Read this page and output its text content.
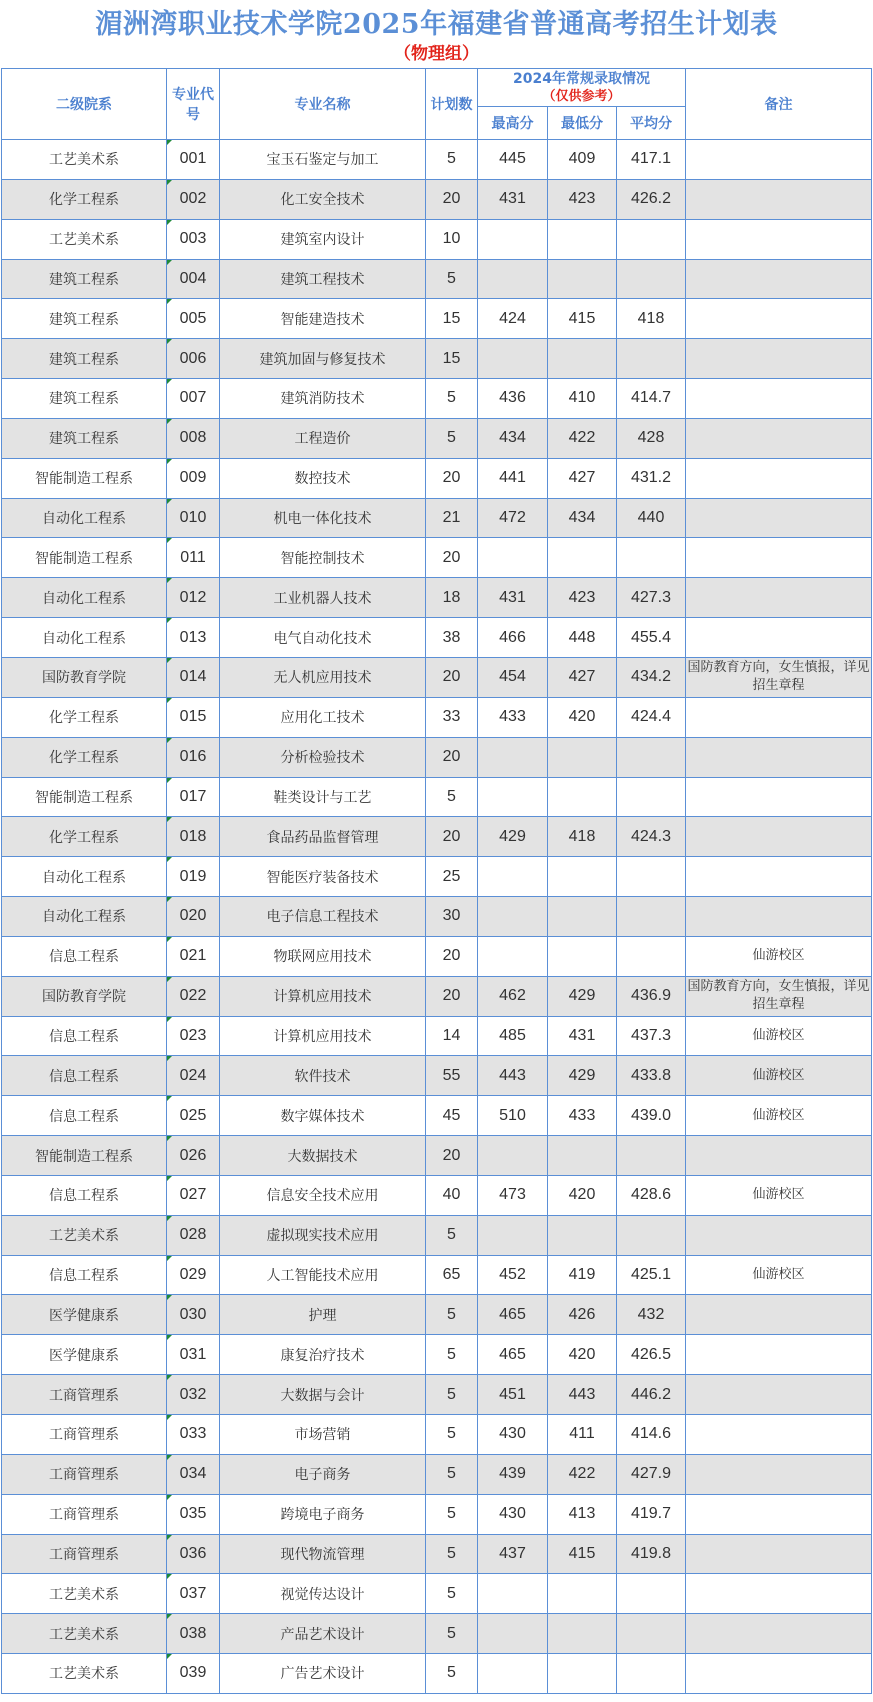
湄洲湾职业技术学院2025年福建省普通高考招生计划表
（物理组）
二级院系	专业代号	专业名称	计划数	2024年常规录取情况
（仅供参考）			备注
				最高分	最低分	平均分	
工艺美术系	001	宝玉石鉴定与加工	5	445	409	417.1	
化学工程系	002	化工安全技术	20	431	423	426.2	
工艺美术系	003	建筑室内设计	10				
建筑工程系	004	建筑工程技术	5				
建筑工程系	005	智能建造技术	15	424	415	418	
建筑工程系	006	建筑加固与修复技术	15				
建筑工程系	007	建筑消防技术	5	436	410	414.7	
建筑工程系	008	工程造价	5	434	422	428	
智能制造工程系	009	数控技术	20	441	427	431.2	
自动化工程系	010	机电一体化技术	21	472	434	440	
智能制造工程系	011	智能控制技术	20				
自动化工程系	012	工业机器人技术	18	431	423	427.3	
自动化工程系	013	电气自动化技术	38	466	448	455.4	
国防教育学院	014	无人机应用技术	20	454	427	434.2	国防教育方向，女生慎报，详见招生章程
化学工程系	015	应用化工技术	33	433	420	424.4	
化学工程系	016	分析检验技术	20				
智能制造工程系	017	鞋类设计与工艺	5				
化学工程系	018	食品药品监督管理	20	429	418	424.3	
自动化工程系	019	智能医疗装备技术	25				
自动化工程系	020	电子信息工程技术	30				
信息工程系	021	物联网应用技术	20				仙游校区
国防教育学院	022	计算机应用技术	20	462	429	436.9	国防教育方向，女生慎报，详见招生章程
信息工程系	023	计算机应用技术	14	485	431	437.3	仙游校区
信息工程系	024	软件技术	55	443	429	433.8	仙游校区
信息工程系	025	数字媒体技术	45	510	433	439.0	仙游校区
智能制造工程系	026	大数据技术	20				
信息工程系	027	信息安全技术应用	40	473	420	428.6	仙游校区
工艺美术系	028	虚拟现实技术应用	5				
信息工程系	029	人工智能技术应用	65	452	419	425.1	仙游校区
医学健康系	030	护理	5	465	426	432	
医学健康系	031	康复治疗技术	5	465	420	426.5	
工商管理系	032	大数据与会计	5	451	443	446.2	
工商管理系	033	市场营销	5	430	411	414.6	
工商管理系	034	电子商务	5	439	422	427.9	
工商管理系	035	跨境电子商务	5	430	413	419.7	
工商管理系	036	现代物流管理	5	437	415	419.8	
工艺美术系	037	视觉传达设计	5				
工艺美术系	038	产品艺术设计	5				
工艺美术系	039	广告艺术设计	5				
